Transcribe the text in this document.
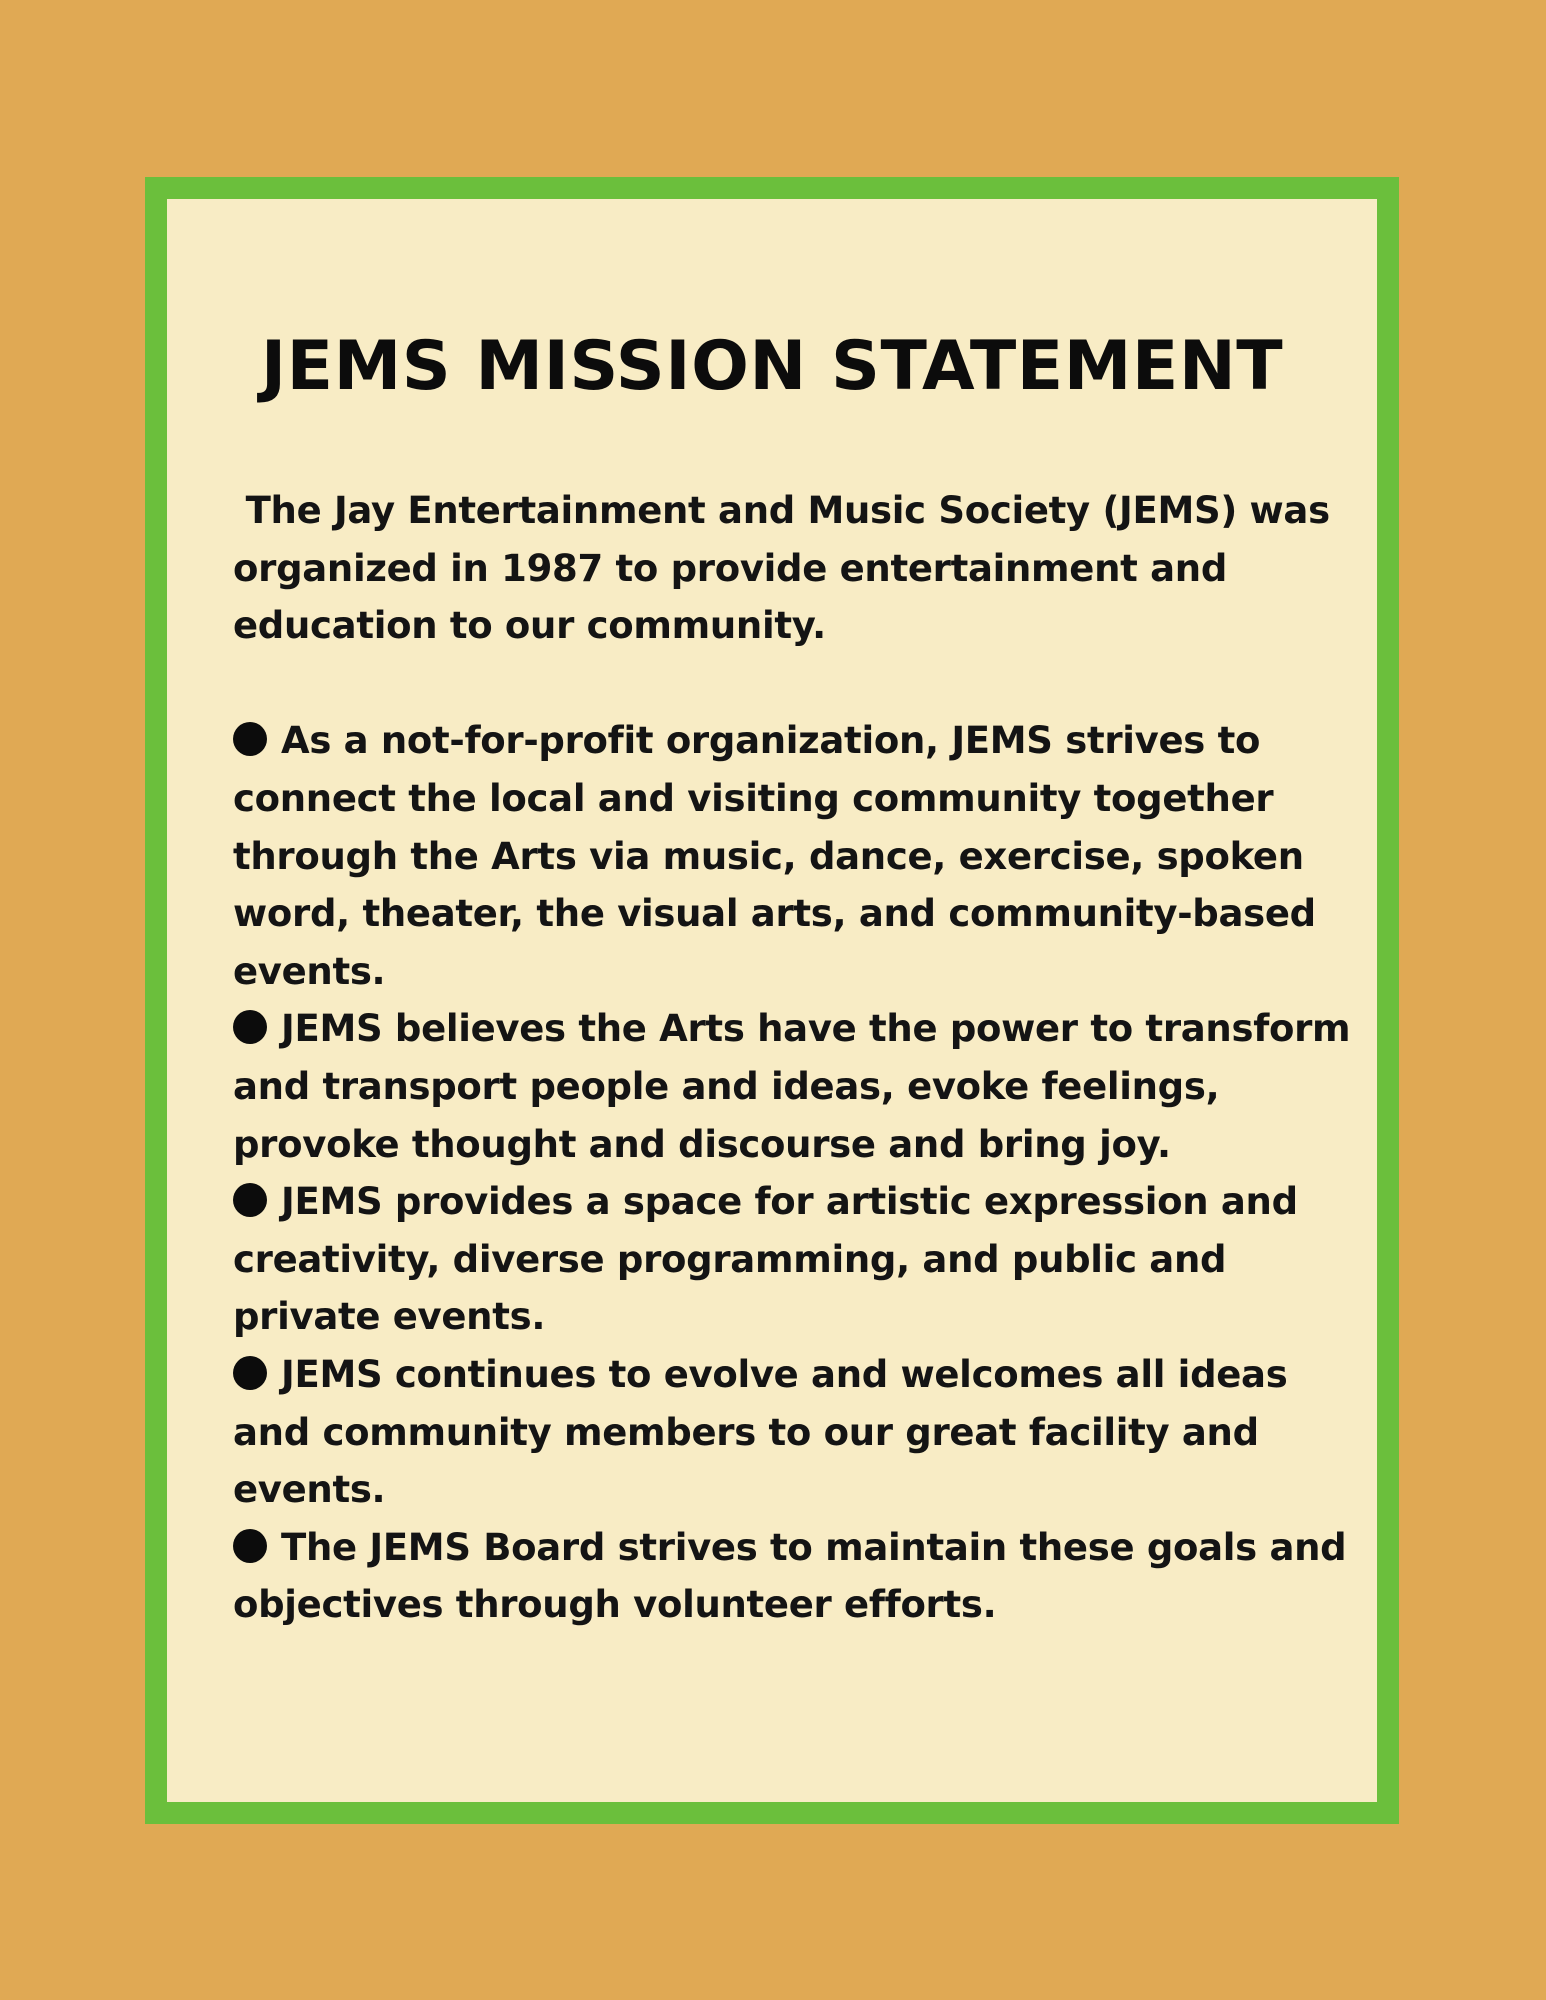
JEMS MISSION STATEMENT

The Jay Entertainment and Music Society (JEMS) was organized in 1987 to provide entertainment and education to our community.

As a not-for-profit organization, JEMS strives to connect the local and visiting community together through the Arts via music, dance, exercise, spoken word, theater, the visual arts, and community-based events.
JEMS believes the Arts have the power to transform and transport people and ideas, evoke feelings, provoke thought and discourse and bring joy.
JEMS provides a space for artistic expression and creativity, diverse programming, and public and private events.
JEMS continues to evolve and welcomes all ideas and community members to our great facility and events.
The JEMS Board strives to maintain these goals and objectives through volunteer efforts.
